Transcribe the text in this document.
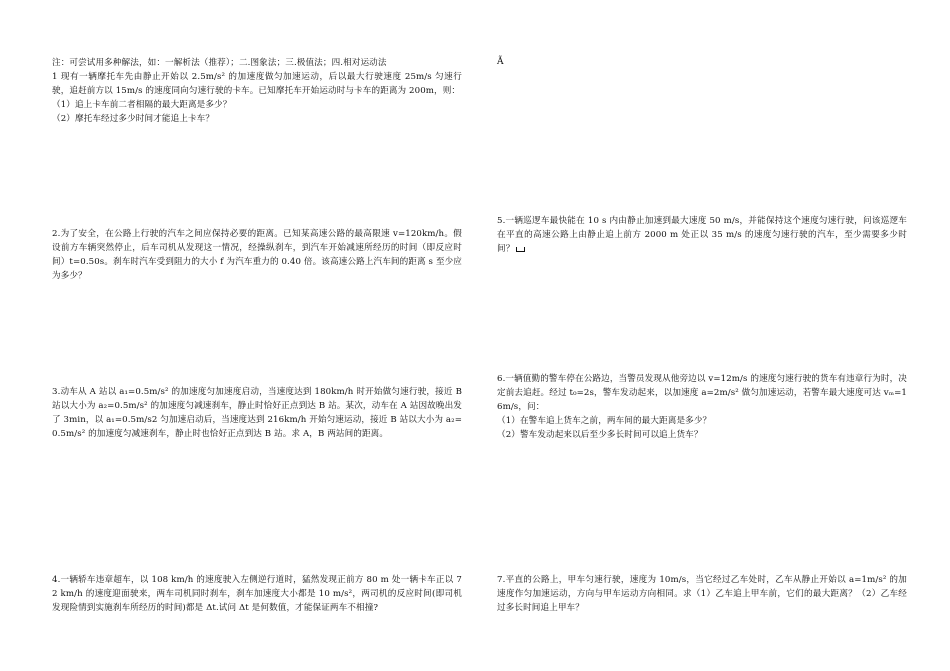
注：可尝试用多种解法，如：一解析法（推荐）；二.图象法；三.极值法；四.相对运动法

1 现有一辆摩托车先由静止开始以 2.5m/s² 的加速度做匀加速运动，后以最大行驶速度 25m/s 匀速行驶，追赶前方以 15m/s 的速度同向匀速行驶的卡车。已知摩托车开始运动时与卡车的距离为 200m，则：

（1）追上卡车前二者相隔的最大距离是多少？

（2）摩托车经过多少时间才能追上卡车？

2.为了安全，在公路上行驶的汽车之间应保持必要的距离。已知某高速公路的最高限速 v=120km/h。假设前方车辆突然停止，后车司机从发现这一情况，经操纵刹车，到汽车开始减速所经历的时间（即反应时间）t=0.50s。刹车时汽车受到阻力的大小 f 为汽车重力的 0.40 倍。该高速公路上汽车间的距离 s 至少应为多少？

3.动车从 A 站以 a₁=0.5m/s² 的加速度匀加速度启动，当速度达到 180km/h 时开始做匀速行驶，接近 B 站以大小为 a₂=0.5m/s² 的加速度匀减速刹车，静止时恰好正点到达 B 站。某次，动车在 A 站因故晚出发了 3min，以 a₁=0.5m/s2 匀加速启动后，当速度达到 216km/h 开始匀速运动，接近 B 站以大小为 a₂=0.5m/s² 的加速度匀减速刹车，静止时也恰好正点到达 B 站。求 A，B 两站间的距离。

4.一辆轿车违章超车，以 108 km/h 的速度驶入左侧逆行道时，猛然发现正前方 80 m 处一辆卡车正以 72 km/h 的速度迎面驶来，两车司机同时刹车，刹车加速度大小都是 10 m/s²，两司机的反应时间(即司机发现险情到实施刹车所经历的时间)都是 Δt.试问 Δt 是何数值，才能保证两车不相撞?

Ã

5.一辆巡逻车最快能在 10 s 内由静止加速到最大速度 50 m/s，并能保持这个速度匀速行驶，问该巡逻车在平直的高速公路上由静止追上前方 2000 m 处正以 35 m/s 的速度匀速行驶的汽车，至少需要多少时间？

6.一辆值勤的警车停在公路边，当警员发现从他旁边以 v=12m/s 的速度匀速行驶的货车有违章行为时，决定前去追赶。经过 t₀=2s，警车发动起来，以加速度 a=2m/s² 做匀加速运动，若警车最大速度可达 vₘ=16m/s，问：

（1）在警车追上货车之前，两车间的最大距离是多少？

（2）警车发动起来以后至少多长时间可以追上货车？

7.平直的公路上，甲车匀速行驶，速度为 10m/s，当它经过乙车处时，乙车从静止开始以 a=1m/s² 的加速度作匀加速运动，方向与甲车运动方向相同。求（1）乙车追上甲车前，它们的最大距离？（2）乙车经过多长时间追上甲车？
